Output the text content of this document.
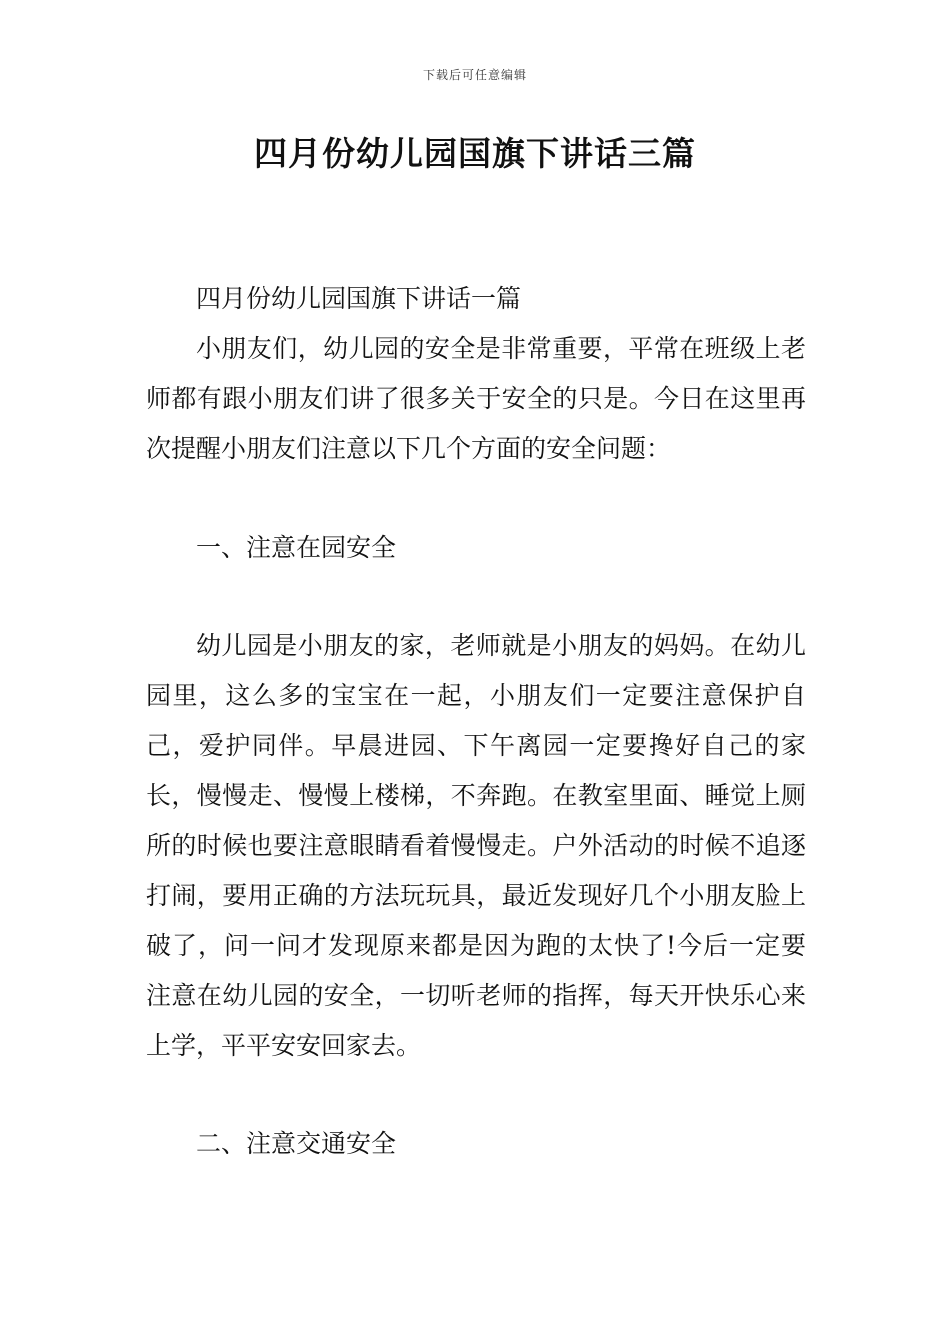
下载后可任意编辑
四月份幼儿园国旗下讲话三篇

四月份幼儿园国旗下讲话一篇

小朋友们，幼儿园的安全是非常重要，平常在班级上老师都有跟小朋友们讲了很多关于安全的只是。今日在这里再次提醒小朋友们注意以下几个方面的安全问题：

一、注意在园安全

幼儿园是小朋友的家，老师就是小朋友的妈妈。在幼儿园里，这么多的宝宝在一起，小朋友们一定要注意保护自己，爱护同伴。早晨进园、下午离园一定要搀好自己的家长，慢慢走、慢慢上楼梯，不奔跑。在教室里面、睡觉上厕所的时候也要注意眼睛看着慢慢走。户外活动的时候不追逐打闹，要用正确的方法玩玩具，最近发现好几个小朋友脸上破了，问一问才发现原来都是因为跑的太快了!今后一定要注意在幼儿园的安全，一切听老师的指挥，每天开快乐心来上学，平平安安回家去。

二、注意交通安全
